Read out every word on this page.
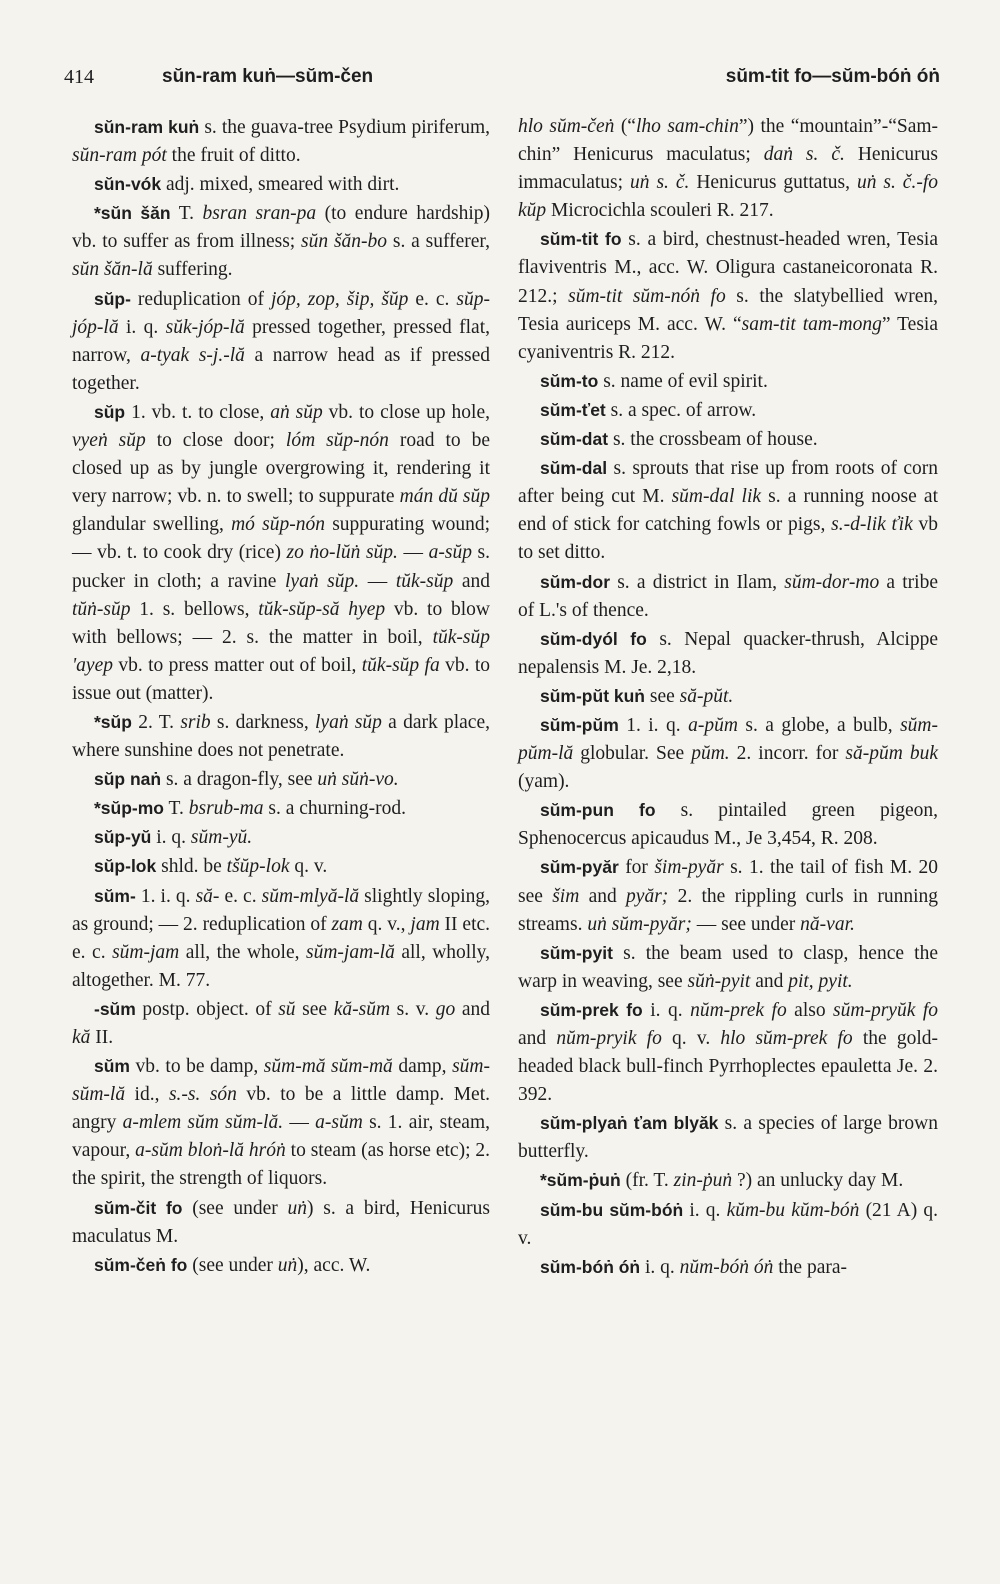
414	sŭn-ram kuṅ—sŭm-čen	sŭm-tit fo—sŭm-bóṅ óṅ

sŭn-ram kuṅ s. the guava-tree Psydium piriferum, sŭn-ram pót the fruit of ditto.

sŭn-vók adj. mixed, smeared with dirt.

*sŭn šăn T. bsran sran-pa (to endure hardship) vb. to suffer as from illness; sŭn šăn-bo s. a sufferer, sŭn šăn-lă suffering.

sŭp- reduplication of jóp, zop, šip, šŭp e. c. sŭp-jóp-lă i. q. sŭk-jóp-lă pressed together, pressed flat, narrow, a-tyak s-j.-lă a narrow head as if pressed together.

sŭp 1. vb. t. to close, aṅ sŭp vb. to close up hole, vyeṅ sŭp to close door; lóm sŭp-nón road to be closed up as by jungle overgrowing it, rendering it very narrow; vb. n. to swell; to suppurate mán dŭ sŭp glandular swelling, mó sŭp-nón suppurating wound; — vb. t. to cook dry (rice) zo ṅo-lŭṅ sŭp. — a-sŭp s. pucker in cloth; a ravine lyaṅ sŭp. — tŭk-sŭp and tŭṅ-sŭp 1. s. bellows, tŭk-sŭp-să hyep vb. to blow with bellows; — 2. s. the matter in boil, tŭk-sŭp 'ayep vb. to press matter out of boil, tŭk-sŭp fa vb. to issue out (matter).

*sŭp 2. T. srib s. darkness, lyaṅ sŭp a dark place, where sunshine does not penetrate.

sŭp naṅ s. a dragon-fly, see uṅ sŭṅ-vo.

*sŭp-mo T. bsrub-ma s. a churning-rod.

sŭp-yŭ i. q. sŭm-yŭ.

sŭp-lok shld. be tšŭp-lok q. v.

sŭm- 1. i. q. să- e. c. sŭm-mlyă-lă slightly sloping, as ground; — 2. reduplication of zam q. v., jam II etc. e. c. sŭm-jam all, the whole, sŭm-jam-lă all, wholly, altogether. M. 77.

-sŭm postp. object. of sŭ see kă-sŭm s. v. go and kă II.

sŭm vb. to be damp, sŭm-mă sŭm-mă damp, sŭm-sŭm-lă id., s.-s. són vb. to be a little damp. Met. angry a-mlem sŭm sŭm-lă. — a-sŭm s. 1. air, steam, vapour, a-sŭm bloṅ-lă hróṅ to steam (as horse etc); 2. the spirit, the strength of liquors.

sŭm-čit fo (see under uṅ) s. a bird, Henicurus maculatus M.

sŭm-čeṅ fo (see under uṅ), acc. W.

hlo sŭm-čeṅ (“lho sam-chin”) the “mountain”-“Sam-chin” Henicurus maculatus; daṅ s. č. Henicurus immaculatus; uṅ s. č. Henicurus guttatus, uṅ s. č.-fo kŭp Microcichla scouleri R. 217.

sŭm-tit fo s. a bird, chestnust-headed wren, Tesia flaviventris M., acc. W. Oligura castaneicoronata R. 212.; sŭm-tit sŭm-nóṅ fo s. the slatybellied wren, Tesia auriceps M. acc. W. “sam-tit tam-mong” Tesia cyaniventris R. 212.

sŭm-to s. name of evil spirit.

sŭm-ťet s. a spec. of arrow.

sŭm-dat s. the crossbeam of house.

sŭm-dal s. sprouts that rise up from roots of corn after being cut M. sŭm-dal lik s. a running noose at end of stick for catching fowls or pigs, s.-d-lik ťik vb to set ditto.

sŭm-dor s. a district in Ilam, sŭm-dor-mo a tribe of L.'s of thence.

sŭm-dyól fo s. Nepal quacker-thrush, Alcippe nepalensis M. Je. 2,18.

sŭm-pŭt kuṅ see să-pŭt.

sŭm-pŭm 1. i. q. a-pŭm s. a globe, a bulb, sŭm-pŭm-lă globular. See pŭm. 2. incorr. for să-pŭm buk (yam).

sŭm-pun fo s. pintailed green pigeon, Sphenocercus apicaudus M., Je 3,454, R. 208.

sŭm-pyăr for šim-pyăr s. 1. the tail of fish M. 20 see šim and pyăr; 2. the rippling curls in running streams. uṅ sŭm-pyăr; — see under nă-var.

sŭm-pyit s. the beam used to clasp, hence the warp in weaving, see sŭṅ-pyit and pit, pyit.

sŭm-prek fo i. q. nŭm-prek fo also sŭm-pryŭk fo and nŭm-pryik fo q. v. hlo sŭm-prek fo the gold-headed black bull-finch Pyrrhoplectes epauletta Je. 2. 392.

sŭm-plyaṅ ťam blyăk s. a species of large brown butterfly.

*sŭm-ṗuṅ (fr. T. zin-ṗuṅ ?) an unlucky day M.

sŭm-bu sŭm-bóṅ i. q. kŭm-bu kŭm-bóṅ (21 A) q. v.

sŭm-bóṅ óṅ i. q. nŭm-bóṅ óṅ the para-
